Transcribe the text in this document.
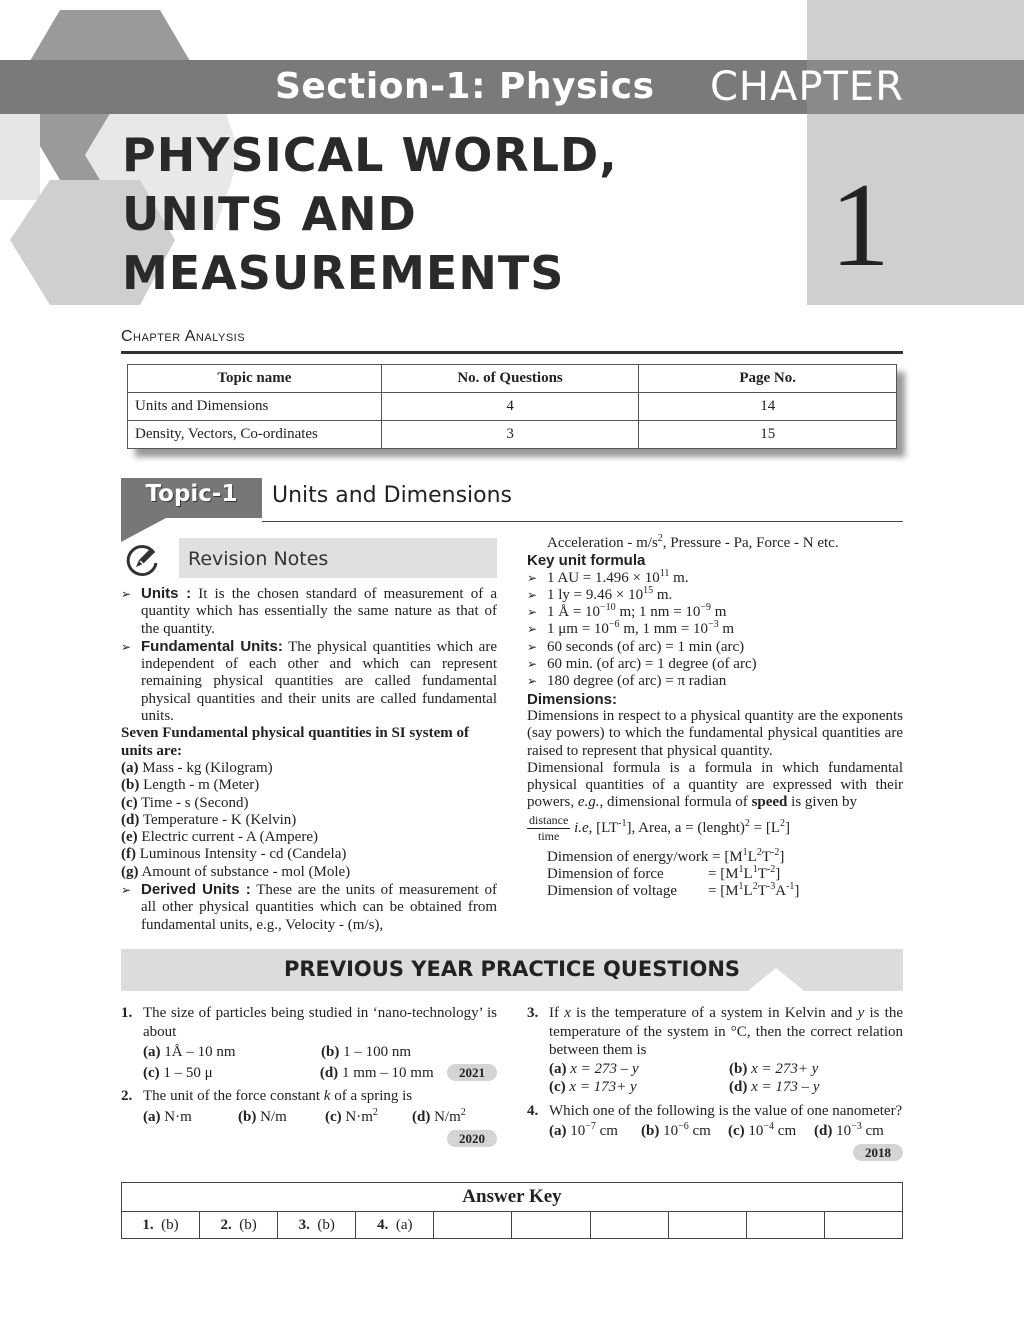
Section-1: Physics CHAPTER
1
PHYSICAL WORLD,
UNITS AND
MEASUREMENTS
Chapter Analysis
Topic name	No. of Questions	Page No.
Units and Dimensions	4	14
Density, Vectors, Co-ordinates	3	15
Topic-1	Units and Dimensions
Revision Notes

➢ Units : It is the chosen standard of measurement of a quantity which has essentially the same nature as that of the quantity.

➢ Fundamental Units: The physical quantities which are independent of each other and which can represent remaining physical quantities are called fundamental physical quantities and their units are called fundamental units.

Seven Fundamental physical quantities in SI system of units are:

(a) Mass - kg (Kilogram)

(b) Length - m (Meter)

(c) Time - s (Second)

(d) Temperature - K (Kelvin)

(e) Electric current - A (Ampere)

(f) Luminous Intensity - cd (Candela)

(g) Amount of substance - mol (Mole)

➢ Derived Units : These are the units of measurement of all other physical quantities which can be obtained from fundamental units, e.g., Velocity - (m/s),

Acceleration - $m/s^2$, Pressure - Pa, Force - N etc.

Key unit formula

➢ 1 AU = $1.496 \times 10^{11}$ m.

➢ 1 ly = $9.46 \times 10^{15}$ m.

➢ 1 Å = $10^{-10}$ m; 1 nm = $10^{-9}$ m

➢ 1 $\mu m = 10^{-6}$ m, 1 mm = $10^{-3}$ m

➢ 60 seconds (of arc) = 1 min (arc)

➢ 60 min. (of arc) = 1 degree (of arc)

➢ 180 degree (of arc) = π radian

Dimensions:

Dimensions in respect to a physical quantity are the exponents (say powers) to which the fundamental physical quantities are raised to represent that physical quantity.

Dimensional formula is a formula in which fundamental physical quantities of a quantity are expressed with their powers, e.g., dimensional formula of speed is given by

distance
time
i.e, $[LT^{-1}]$, Area, a = (lenght)$^2$ = $[L^2]$

Dimension of energy/work = $[M^1L^2T^{-2}]$

Dimension of force	= $[M^1L^1T^{-2}]$

Dimension of voltage = $[M^1L^2T^{-3}A^{-1}]$

PREVIOUS YEAR PRACTICE QUESTIONS

1. The size of particles being studied in ‘nano-technology’ is about

(a) 1Å – 10 nm	(b) 1 – 100 nm

(c) 1 – 50 μ	(d) 1 mm – 10 mm	2021

2. The unit of the force constant k of a spring is

(a) N·m	(b) N/m	(c) $N\cdot m^2$ (d) $N/m^2$

2020

3. If x is the temperature of a system in Kelvin and y is the temperature of the system in °C, then the correct relation between them is

(a) x = 273 – y	(b) x = 273+ y

(c) x = 173+ y	(d) x = 173 – y

4. Which one of the following is the value of one nanometer?

(a) $10^{-7}$ cm (b) $10^{-6}$ cm (c) $10^{-4}$ cm (d) $10^{-3}$ cm

2018

Answer Key
1. (b)	2. (b)	3. (b)	4. (a)						
